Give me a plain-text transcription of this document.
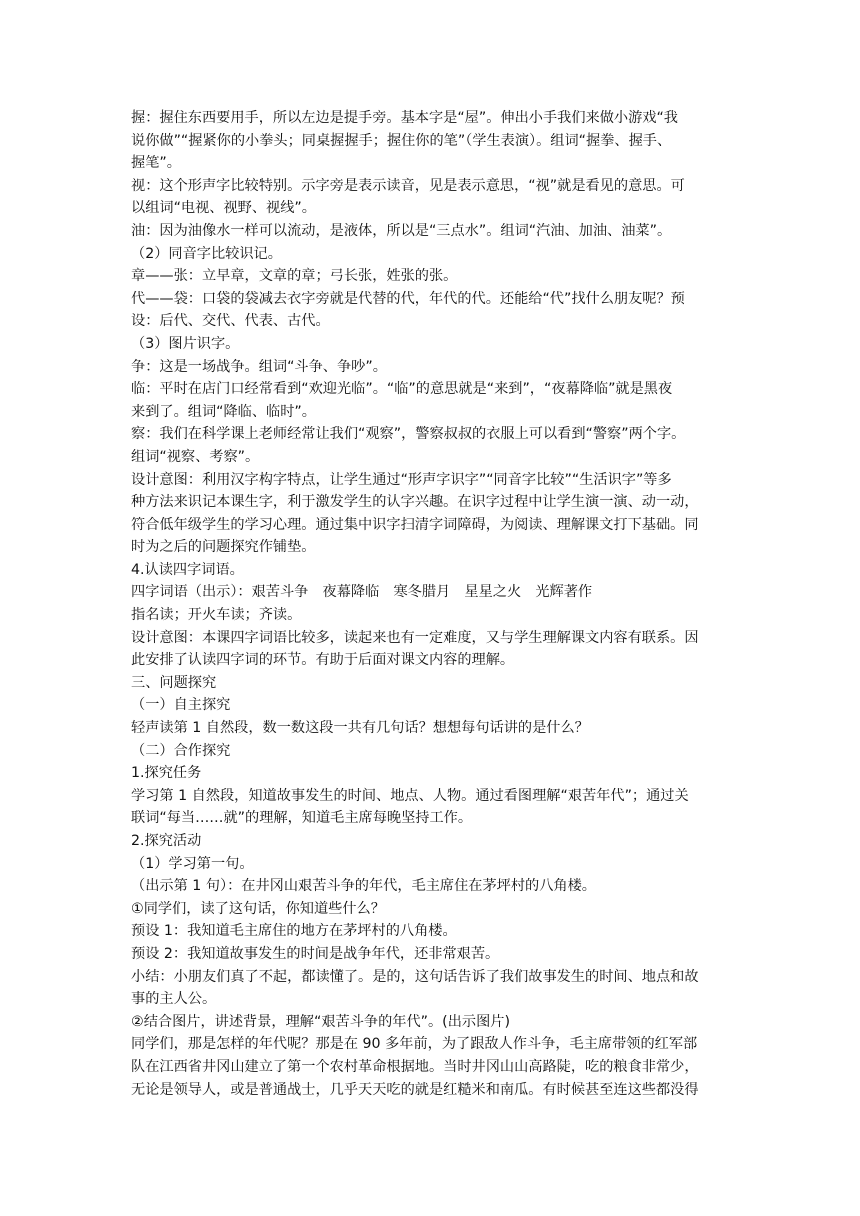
握：握住东西要用手，所以左边是提手旁。基本字是“屋”。伸出小手我们来做小游戏“我
说你做”“握紧你的小拳头；同桌握握手；握住你的笔”（学生表演）。组词“握拳、握手、
握笔”。
视：这个形声字比较特别。示字旁是表示读音，见是表示意思，“视”就是看见的意思。可
以组词“电视、视野、视线”。
油：因为油像水一样可以流动，是液体，所以是“三点水”。组词“汽油、加油、油菜”。
（2）同音字比较识记。
章——张：立早章，文章的章；弓长张，姓张的张。
代——袋：口袋的袋减去衣字旁就是代替的代，年代的代。还能给“代”找什么朋友呢？预
设：后代、交代、代表、古代。
（3）图片识字。
争：这是一场战争。组词“斗争、争吵”。
临：平时在店门口经常看到“欢迎光临”。“临”的意思就是“来到”，“夜幕降临”就是黑夜
来到了。组词“降临、临时”。
察：我们在科学课上老师经常让我们“观察”，警察叔叔的衣服上可以看到“警察”两个字。
组词“视察、考察”。
设计意图：利用汉字构字特点，让学生通过“形声字识字”“同音字比较”“生活识字”等多
种方法来识记本课生字，利于激发学生的认字兴趣。在识字过程中让学生演一演、动一动，
符合低年级学生的学习心理。通过集中识字扫清字词障碍，为阅读、理解课文打下基础。同
时为之后的问题探究作铺垫。
4.认读四字词语。
四字词语（出示）：艰苦斗争　夜幕降临　寒冬腊月　星星之火　光辉著作
指名读；开火车读；齐读。
设计意图：本课四字词语比较多，读起来也有一定难度，又与学生理解课文内容有联系。因
此安排了认读四字词的环节。有助于后面对课文内容的理解。
三、问题探究
（一）自主探究
轻声读第 1 自然段，数一数这段一共有几句话？想想每句话讲的是什么？
（二）合作探究
1.探究任务
学习第 1 自然段，知道故事发生的时间、地点、人物。通过看图理解“艰苦年代”；通过关
联词“每当……就”的理解，知道毛主席每晚坚持工作。
2.探究活动
（1）学习第一句。
（出示第 1 句）：在井冈山艰苦斗争的年代，毛主席住在茅坪村的八角楼。
①同学们，读了这句话，你知道些什么？
预设 1：我知道毛主席住的地方在茅坪村的八角楼。
预设 2：我知道故事发生的时间是战争年代，还非常艰苦。
小结：小朋友们真了不起，都读懂了。是的，这句话告诉了我们故事发生的时间、地点和故
事的主人公。
②结合图片，讲述背景，理解“艰苦斗争的年代”。(出示图片)
同学们，那是怎样的年代呢？那是在 90 多年前，为了跟敌人作斗争，毛主席带领的红军部
队在江西省井冈山建立了第一个农村革命根据地。当时井冈山山高路陡，吃的粮食非常少，
无论是领导人，或是普通战士，几乎天天吃的就是红糙米和南瓜。有时候甚至连这些都没得
